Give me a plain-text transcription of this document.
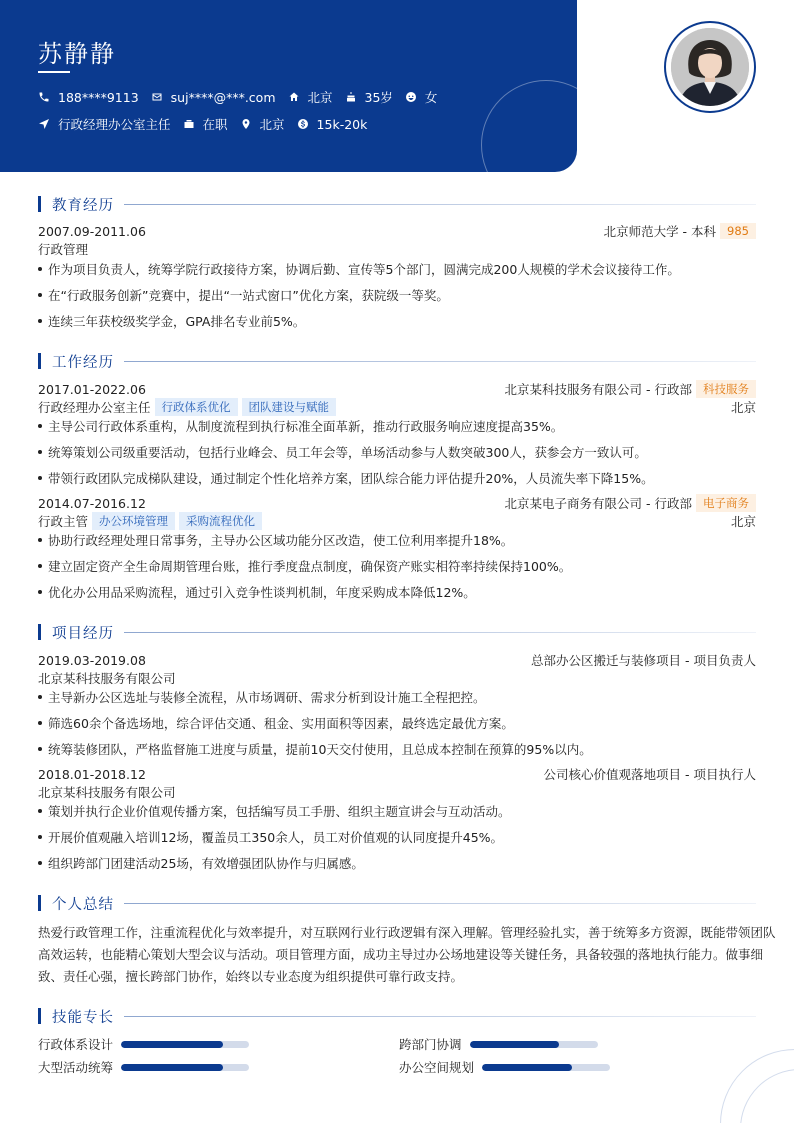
苏静静
188****9113	suj****@***.com	北京	35岁	女
行政经理办公室主任	在职	北京	15k-20k
教育经历
2007.09-2011.06	北京师范大学 - 本科 985
行政管理
作为项目负责人，统筹学院行政接待方案，协调后勤、宣传等5个部门，圆满完成200人规模的学术会议接待工作。
在“行政服务创新”竞赛中，提出“一站式窗口”优化方案，获院级一等奖。
连续三年获校级奖学金，GPA排名专业前5%。
工作经历
2017.01-2022.06	北京某科技服务有限公司 - 行政部 科技服务
行政经理办公室主任 行政体系优化	团队建设与赋能	北京
主导公司行政体系重构，从制度流程到执行标准全面革新，推动行政服务响应速度提高35%。
统筹策划公司级重要活动，包括行业峰会、员工年会等，单场活动参与人数突破300人，获参会方一致认可。
带领行政团队完成梯队建设，通过制定个性化培养方案，团队综合能力评估提升20%，人员流失率下降15%。
2014.07-2016.12	北京某电子商务有限公司 - 行政部 电子商务
行政主管 办公环境管理	采购流程优化	北京
协助行政经理处理日常事务，主导办公区域功能分区改造，使工位利用率提升18%。
建立固定资产全生命周期管理台账，推行季度盘点制度，确保资产账实相符率持续保持100%。
优化办公用品采购流程，通过引入竞争性谈判机制，年度采购成本降低12%。
项目经历
2019.03-2019.08	总部办公区搬迁与装修项目 - 项目负责人
北京某科技服务有限公司
主导新办公区选址与装修全流程，从市场调研、需求分析到设计施工全程把控。
筛选60余个备选场地，综合评估交通、租金、实用面积等因素，最终选定最优方案。
统筹装修团队，严格监督施工进度与质量，提前10天交付使用，且总成本控制在预算的95%以内。
2018.01-2018.12	公司核心价值观落地项目 - 项目执行人
北京某科技服务有限公司
策划并执行企业价值观传播方案，包括编写员工手册、组织主题宣讲会与互动活动。
开展价值观融入培训12场，覆盖员工350余人，员工对价值观的认同度提升45%。
组织跨部门团建活动25场，有效增强团队协作与归属感。
个人总结
热爱行政管理工作，注重流程优化与效率提升，对互联网行业行政逻辑有深入理解。管理经验扎实，善于统筹多方资源，既能带领团队
高效运转，也能精心策划大型会议与活动。项目管理方面，成功主导过办公场地建设等关键任务，具备较强的落地执行能力。做事细
致、责任心强，擅长跨部门协作，始终以专业态度为组织提供可靠行政支持。
技能专长
行政体系设计	跨部门协调
大型活动统筹	办公空间规划
